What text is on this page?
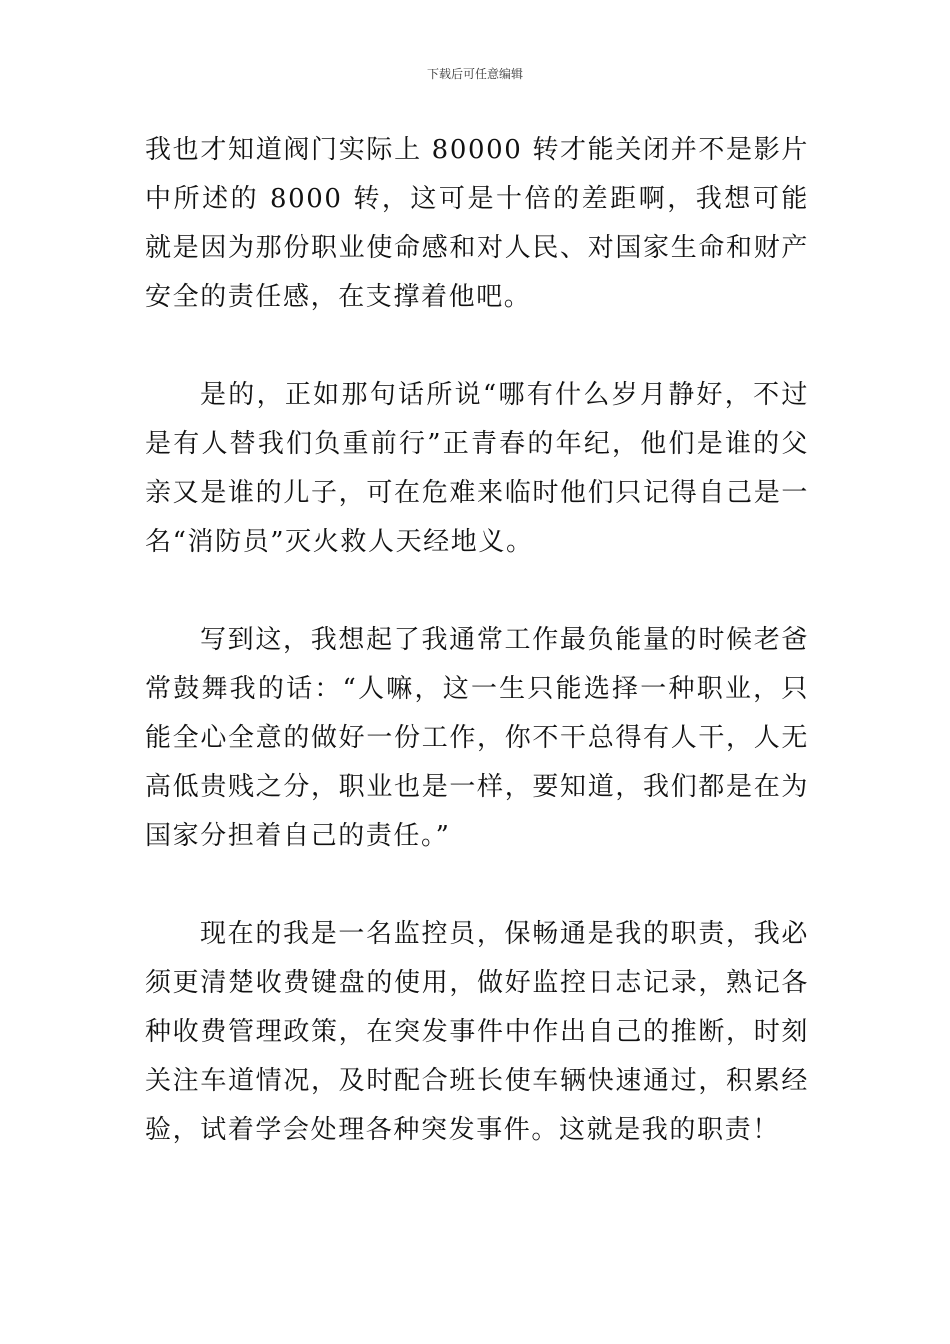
下载后可任意编辑

我也才知道阀门实际上 80000 转才能关闭并不是影片中所述的 8000 转，这可是十倍的差距啊，我想可能就是因为那份职业使命感和对人民、对国家生命和财产安全的责任感，在支撑着他吧。

是的，正如那句话所说“哪有什么岁月静好，不过是有人替我们负重前行”正青春的年纪，他们是谁的父亲又是谁的儿子，可在危难来临时他们只记得自己是一名“消防员”灭火救人天经地义。

写到这，我想起了我通常工作最负能量的时候老爸常鼓舞我的话：“人嘛，这一生只能选择一种职业，只能全心全意的做好一份工作，你不干总得有人干，人无高低贵贱之分，职业也是一样，要知道，我们都是在为国家分担着自己的责任。”

现在的我是一名监控员，保畅通是我的职责，我必须更清楚收费键盘的使用，做好监控日志记录，熟记各种收费管理政策，在突发事件中作出自己的推断，时刻关注车道情况，及时配合班长使车辆快速通过，积累经验，试着学会处理各种突发事件。这就是我的职责！
